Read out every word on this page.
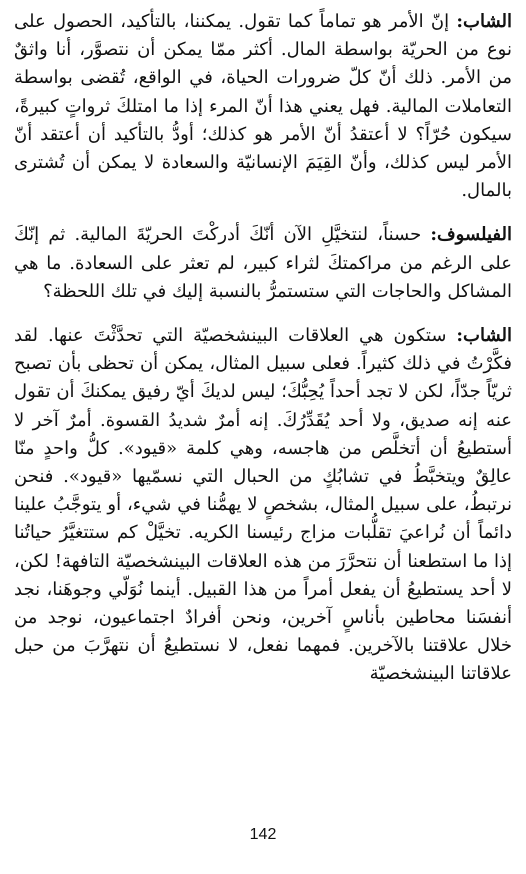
الشاب: إنّ الأمر هو تماماً كما تقول. يمكننا، بالتأكيد، الحصول على نوع من الحريّة بواسطة المال. أكثر ممّا يمكن أن نتصوَّر، أنا واثقٌ من الأمر. ذلك أنّ كلّ ضرورات الحياة، في الواقع، تُقضى بواسطة التعاملات المالية. فهل يعني هذا أنّ المرء إذا ما امتلكَ ثرواتٍ كبيرةً، سيكون حُرّاً؟ لا أعتقدُ أنّ الأمر هو كذلك؛ أودُّ بالتأكيد أن أعتقد أنّ الأمر ليس كذلك، وأنّ القِيَمَ الإنسانيّة والسعادة لا يمكن أن تُشترى بالمال.

الفيلسوف: حسناً، لنتخيَّلِ الآن أنّكَ أدركْتَ الحريّةَ المالية. ثم إنّكَ على الرغم من مراكمتكَ لثراء كبير، لم تعثر على السعادة. ما هي المشاكل والحاجات التي ستستمرُّ بالنسبة إليك في تلك اللحظة؟

الشاب: ستكون هي العلاقات البينشخصيّة التي تحدَّثْتَ عنها. لقد فكَّرْتُ في ذلك كثيراً. فعلى سبيل المثال، يمكن أن تحظى بأن تصبح ثريّاً جدّاً، لكن لا تجد أحداً يُحِبُّكَ؛ ليس لديكَ أيّ رفيق يمكنكَ أن تقول عنه إنه صديق، ولا أحد يُقَدِّرُكَ. إنه أمرٌ شديدُ القسوة. أمرٌ آخر لا أستطيعُ أن أتخلَّص من هاجسه، وهي كلمة «قيود». كلُّ واحدٍ منّا عالِقٌ ويتخبَّطُ في تشابُكٍ من الحبال التي نسمّيها «قيود». فنحن نرتبطُ، على سبيل المثال، بشخصٍ لا يهمُّنا في شيء، أو يتوجَّبُ علينا دائماً أن نُراعيَ تقلُّبات مزاج رئيسنا الكريه. تخيَّلْ كم ستتغيَّرُ حياتُنا إذا ما استطعنا أن نتحرَّرَ من هذه العلاقات البينشخصيّة التافهة! لكن، لا أحد يستطيعُ أن يفعل أمراً من هذا القبيل. أينما نُوَلّي وجوهَنا، نجد أنفسَنا محاطين بأناسٍ آخرين، ونحن أفرادٌ اجتماعيون، نوجد من خلال علاقتنا بالآخرين. فمهما نفعل، لا نستطيعُ أن نتهرَّبَ من حبل علاقاتنا البينشخصيّة

142
